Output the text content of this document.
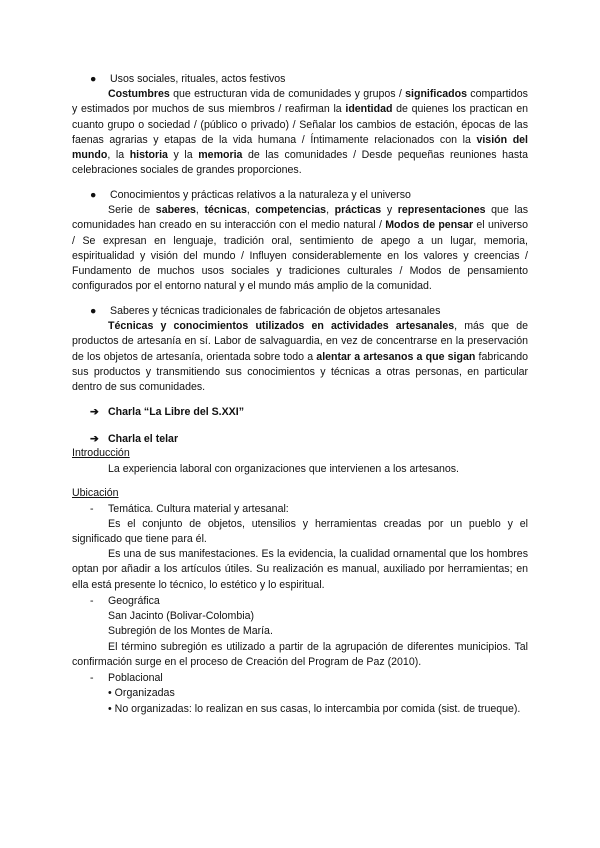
● Usos sociales, rituales, actos festivos
Costumbres que estructuran vida de comunidades y grupos / significados compartidos y estimados por muchos de sus miembros / reafirman la identidad de quienes los practican en cuanto grupo o sociedad / (público o privado) / Señalar los cambios de estación, épocas de las faenas agrarias y etapas de la vida humana / Íntimamente relacionados con la visión del mundo, la historia y la memoria de las comunidades / Desde pequeñas reuniones hasta celebraciones sociales de grandes proporciones.
● Conocimientos y prácticas relativos a la naturaleza y el universo
Serie de saberes, técnicas, competencias, prácticas y representaciones que las comunidades han creado en su interacción con el medio natural / Modos de pensar el universo / Se expresan en lenguaje, tradición oral, sentimiento de apego a un lugar, memoria, espiritualidad y visión del mundo / Influyen considerablemente en los valores y creencias / Fundamento de muchos usos sociales y tradiciones culturales / Modos de pensamiento configurados por el entorno natural y el mundo más amplio de la comunidad.
● Saberes y técnicas tradicionales de fabricación de objetos artesanales
Técnicas y conocimientos utilizados en actividades artesanales, más que de productos de artesanía en sí. Labor de salvaguardia, en vez de concentrarse en la preservación de los objetos de artesanía, orientada sobre todo a alentar a artesanos a que sigan fabricando sus productos y transmitiendo sus conocimientos y técnicas a otras personas, en particular dentro de sus comunidades.
➔ Charla “La Libre del S.XXI”
➔ Charla el telar
Introducción
La experiencia laboral con organizaciones que intervienen a los artesanos.
Ubicación
- Temática. Cultura material y artesanal:
Es el conjunto de objetos, utensilios y herramientas creadas por un pueblo y el significado que tiene para él.
Es una de sus manifestaciones. Es la evidencia, la cualidad ornamental que los hombres optan por añadir a los artículos útiles. Su realización es manual, auxiliado por herramientas; en ella está presente lo técnico, lo estético y lo espiritual.
- Geográfica
San Jacinto (Bolivar-Colombia)
Subregión de los Montes de María.
El término subregión es utilizado a partir de la agrupación de diferentes municipios. Tal confirmación surge en el proceso de Creación del Program de Paz (2010).
- Poblacional
• Organizadas
• No organizadas: lo realizan en sus casas, lo intercambia por comida (sist. de trueque).
